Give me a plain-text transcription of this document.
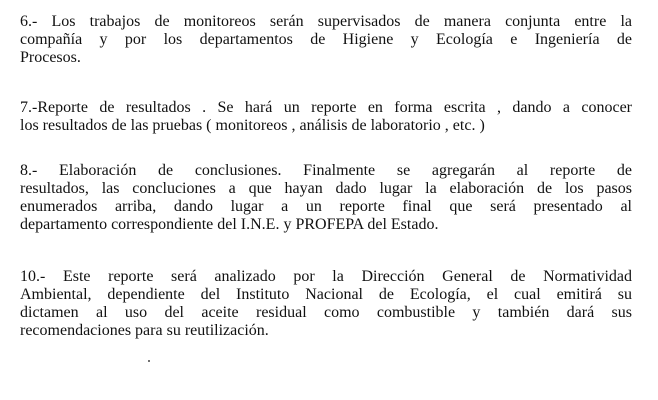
6.- Los trabajos de monitoreos serán supervisados de manera conjunta entre la
compañía y por los departamentos de Higiene y Ecología e Ingeniería de
Procesos.
7.-Reporte de resultados . Se hará un reporte en forma escrita , dando a conocer
los resultados de las pruebas ( monitoreos , análisis de laboratorio , etc. )
8.- Elaboración de conclusiones. Finalmente se agregarán al reporte de
resultados, las concluciones a que hayan dado lugar la elaboración de los pasos
enumerados arriba, dando lugar a un reporte final que será presentado al
departamento correspondiente del I.N.E. y PROFEPA del Estado.
10.- Este reporte será analizado por la Dirección General de Normatividad
Ambiental, dependiente del Instituto Nacional de Ecología, el cual emitirá su
dictamen al uso del aceite residual como combustible y también dará sus
recomendaciones para su reutilización.
